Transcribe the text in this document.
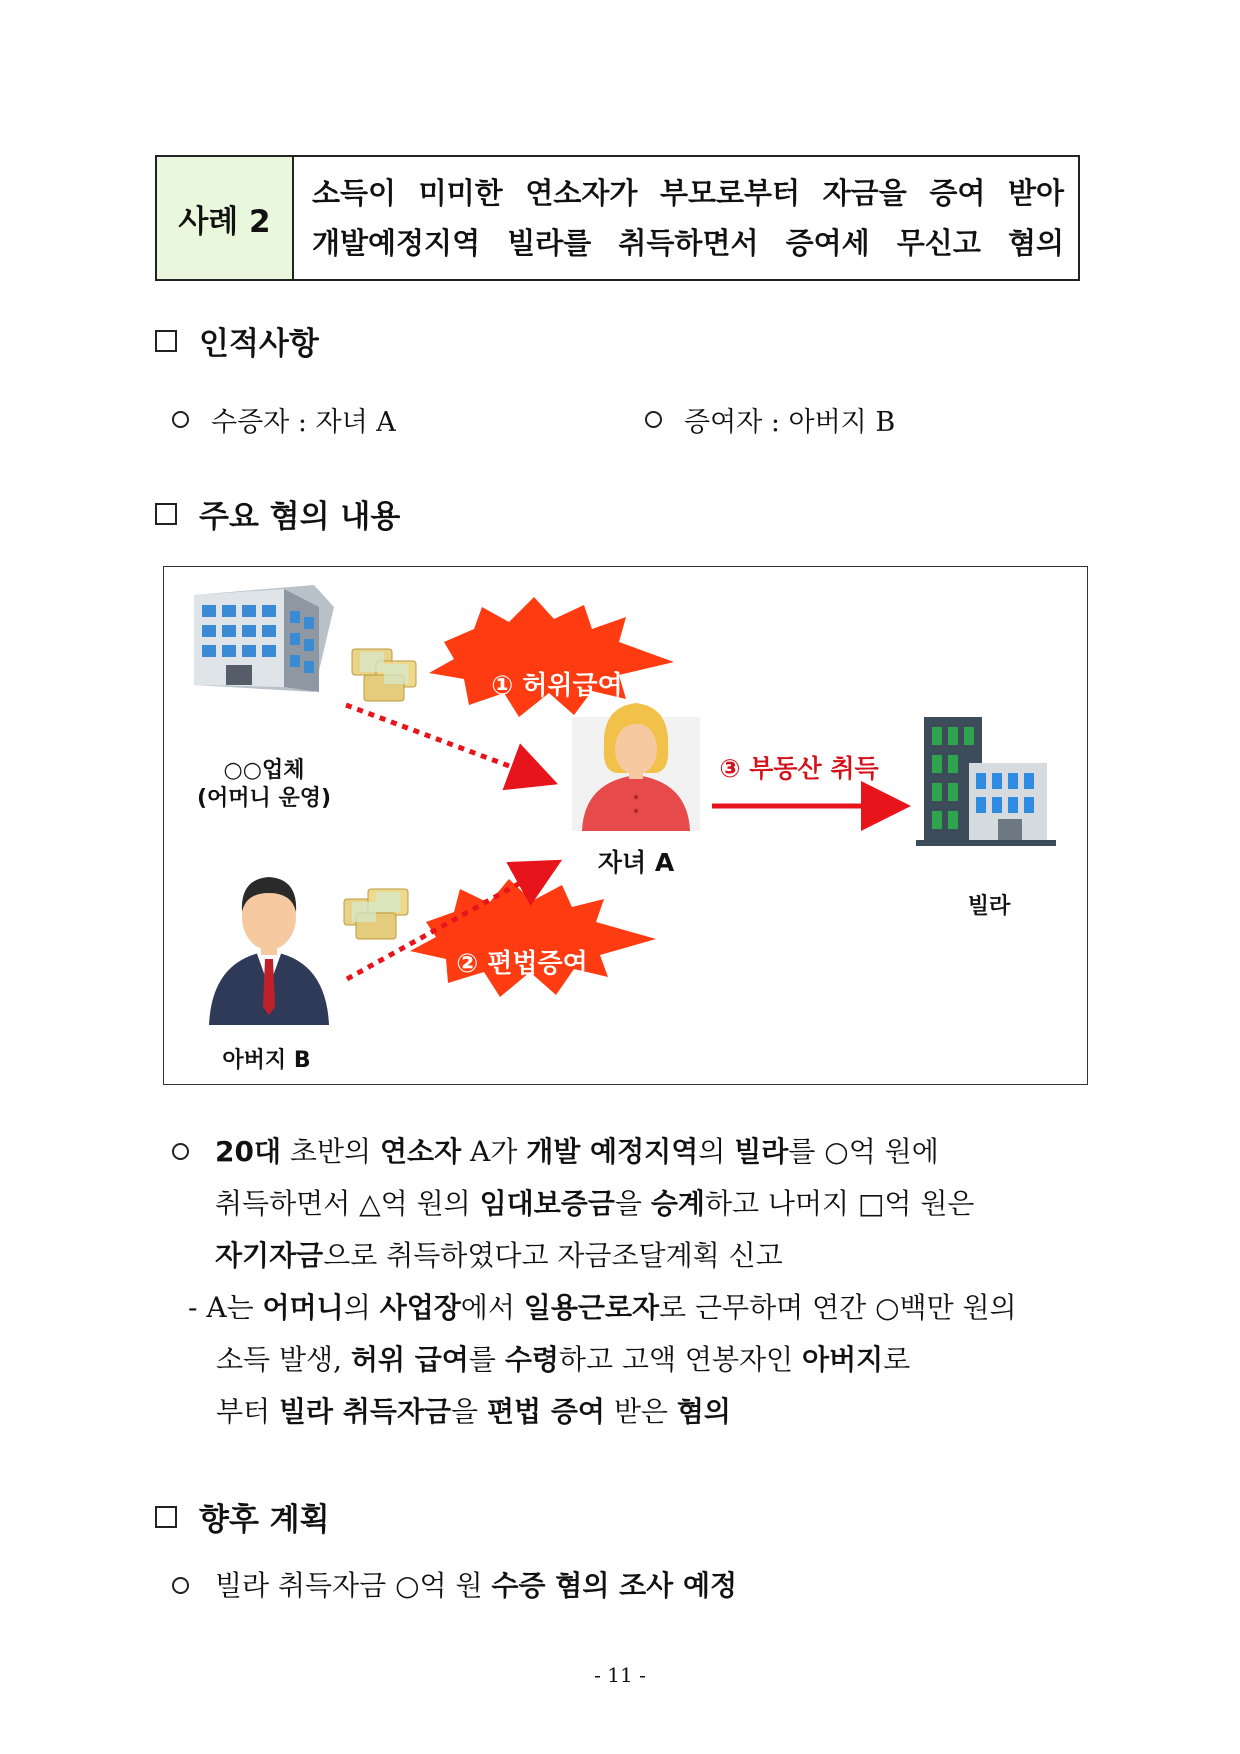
사례 2
소득이 미미한 연소자가 부모로부터 자금을 증여 받아
개발예정지역 빌라를 취득하면서 증여세 무신고 혐의
인적사항
수증자 : 자녀 A	증여자 : 아버지 B
주요 혐의 내용
① 허위급여
② 편법증여
③ 부동산 취득
○○업체
(어머니 운영)
아버지 B
자녀 A
빌라
20대 초반의 연소자 A가 개발 예정지역의 빌라를 ○억 원에
취득하면서 △억 원의 임대보증금을 승계하고 나머지 □억 원은
자기자금으로 취득하였다고 자금조달계획 신고
- A는 어머니의 사업장에서 일용근로자로 근무하며 연간 ○백만 원의
소득 발생, 허위 급여를 수령하고 고액 연봉자인 아버지로
부터 빌라 취득자금을 편법 증여 받은 혐의
향후 계획
빌라 취득자금 ○억 원 수증 혐의 조사 예정
- 11 -
